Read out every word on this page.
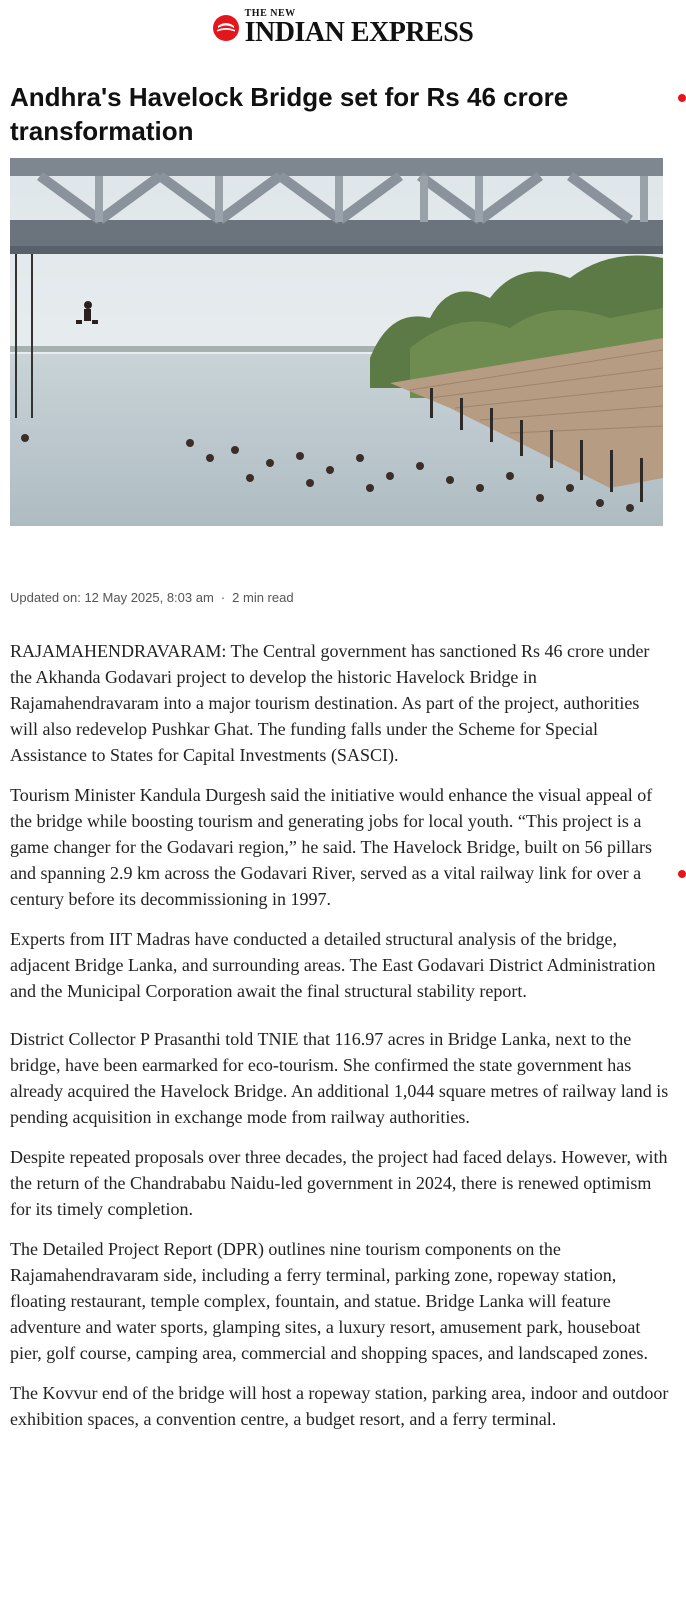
THE NEW
INDIAN EXPRESS
Andhra's Havelock Bridge set for Rs 46 crore transformation
Updated on: 12 May 2025, 8:03 am · 2 min read

RAJAMAHENDRAVARAM: The Central government has sanctioned Rs 46 crore under the Akhanda Godavari project to develop the historic Havelock Bridge in Rajamahendravaram into a major tourism destination. As part of the project, authorities will also redevelop Pushkar Ghat. The funding falls under the Scheme for Special Assistance to States for Capital Investments (SASCI).

Tourism Minister Kandula Durgesh said the initiative would enhance the visual appeal of the bridge while boosting tourism and generating jobs for local youth. “This project is a game changer for the Godavari region,” he said. The Havelock Bridge, built on 56 pillars and spanning 2.9 km across the Godavari River, served as a vital railway link for over a century before its decommissioning in 1997.

Experts from IIT Madras have conducted a detailed structural analysis of the bridge, adjacent Bridge Lanka, and surrounding areas. The East Godavari District Administration and the Municipal Corporation await the final structural stability report.

District Collector P Prasanthi told TNIE that 116.97 acres in Bridge Lanka, next to the bridge, have been earmarked for eco-tourism. She confirmed the state government has already acquired the Havelock Bridge. An additional 1,044 square metres of railway land is pending acquisition in exchange mode from railway authorities.

Despite repeated proposals over three decades, the project had faced delays. However, with the return of the Chandrababu Naidu-led government in 2024, there is renewed optimism for its timely completion.

The Detailed Project Report (DPR) outlines nine tourism components on the Rajamahendravaram side, including a ferry terminal, parking zone, ropeway station, floating restaurant, temple complex, fountain, and statue. Bridge Lanka will feature adventure and water sports, glamping sites, a luxury resort, amusement park, houseboat pier, golf course, camping area, commercial and shopping spaces, and landscaped zones.

The Kovvur end of the bridge will host a ropeway station, parking area, indoor and outdoor exhibition spaces, a convention centre, a budget resort, and a ferry terminal.
